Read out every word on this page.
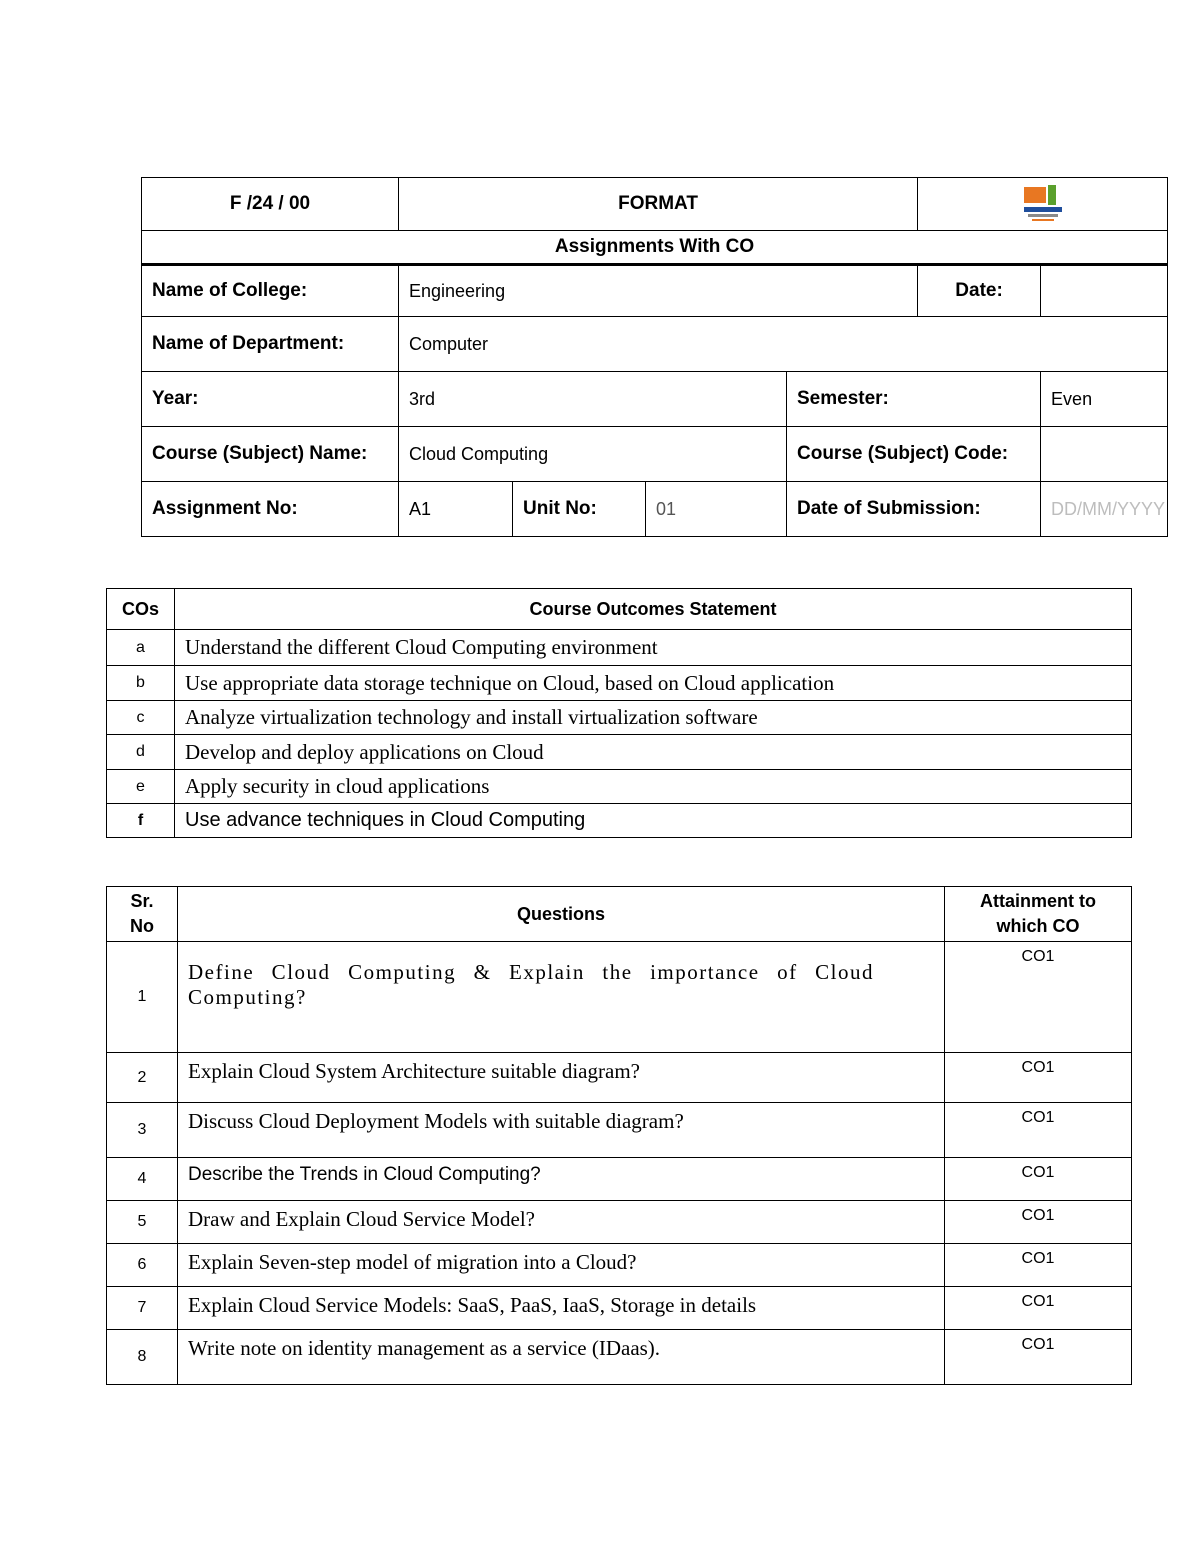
F /24 / 00	FORMAT	

Assignments With CO						
Name of College:	Engineering				Date:	
Name of Department:	Computer					
Year:	3rd			Semester:		Even
Course (Subject) Name:	Cloud Computing			Course (Subject) Code:		
Assignment No:	A1	Unit No:	01	Date of Submission:		DD/MM/YYYY
COs	Course Outcomes Statement
a	Understand the different Cloud Computing environment
b	Use appropriate data storage technique on Cloud, based on Cloud application
c	Analyze virtualization technology and install virtualization software
d	Develop and deploy applications on Cloud
e	Apply security in cloud applications
f	Use advance techniques in Cloud Computing
Sr. No	Questions	Attainment to which CO
1	Define Cloud Computing & Explain the importance of Cloud Computing?	CO1
2	Explain Cloud System Architecture suitable diagram?	CO1
3	Discuss Cloud Deployment Models with suitable diagram?	CO1
4	Describe the Trends in Cloud Computing?	CO1
5	Draw and Explain Cloud Service Model?	CO1
6	Explain Seven-step model of migration into a Cloud?	CO1
7	Explain Cloud Service Models: SaaS, PaaS, IaaS, Storage in details	CO1
8	Write note on identity management as a service (IDaas).	CO1
